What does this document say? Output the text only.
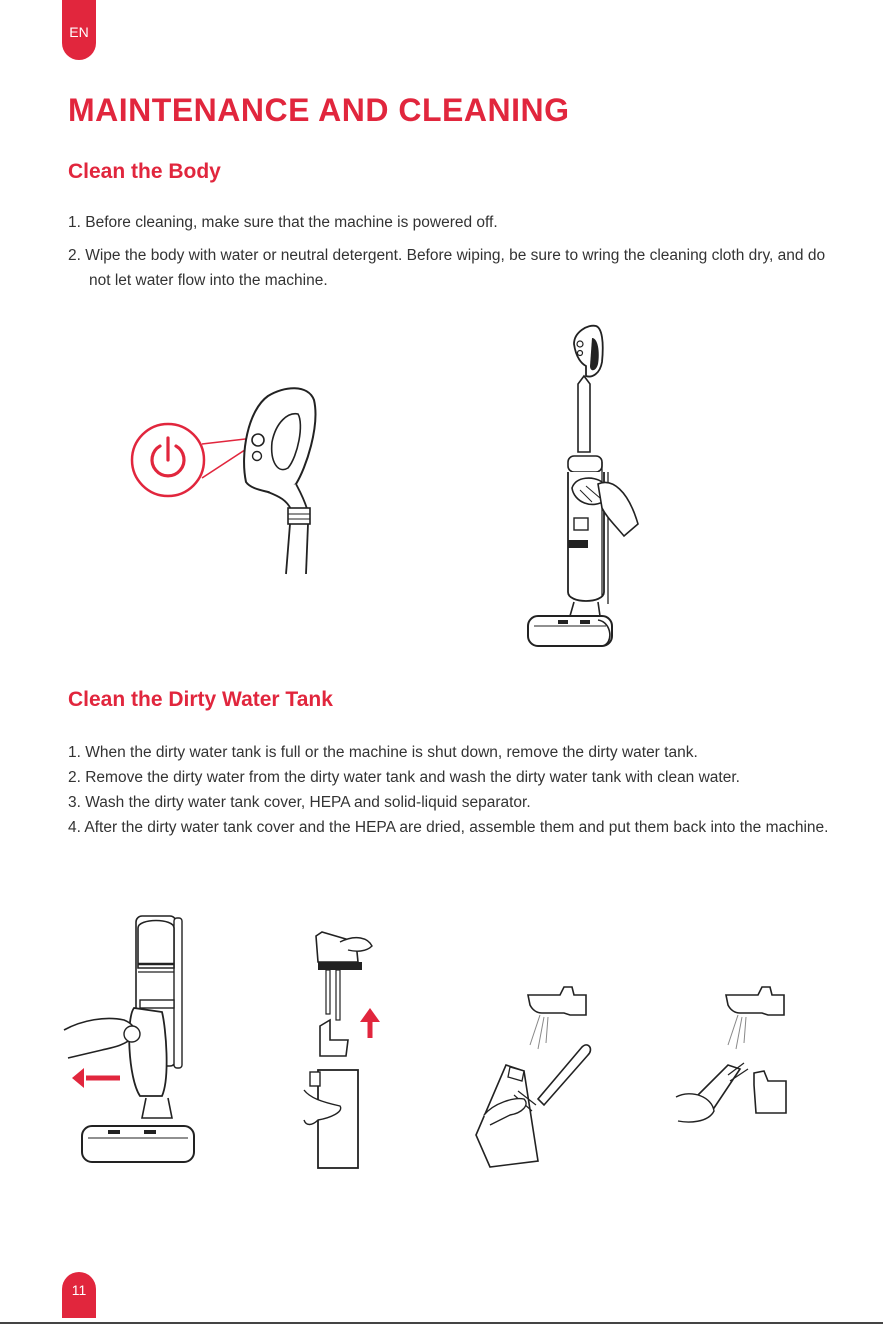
EN
MAINTENANCE AND CLEANING
Clean the Body
1. Before cleaning, make sure that the machine is powered off.
2. Wipe the body with water or neutral detergent. Before wiping, be sure to wring the cleaning cloth dry, and do not let water flow into the machine.
Clean the Dirty Water Tank
1. When the dirty water tank is full or the machine is shut down, remove the dirty water tank.
2. Remove the dirty water from the dirty water tank and wash the dirty water tank with clean water.
3. Wash the dirty water tank cover, HEPA and solid-liquid separator.
4. After the dirty water tank cover and the HEPA are dried, assemble them and put them back into the machine.
11
